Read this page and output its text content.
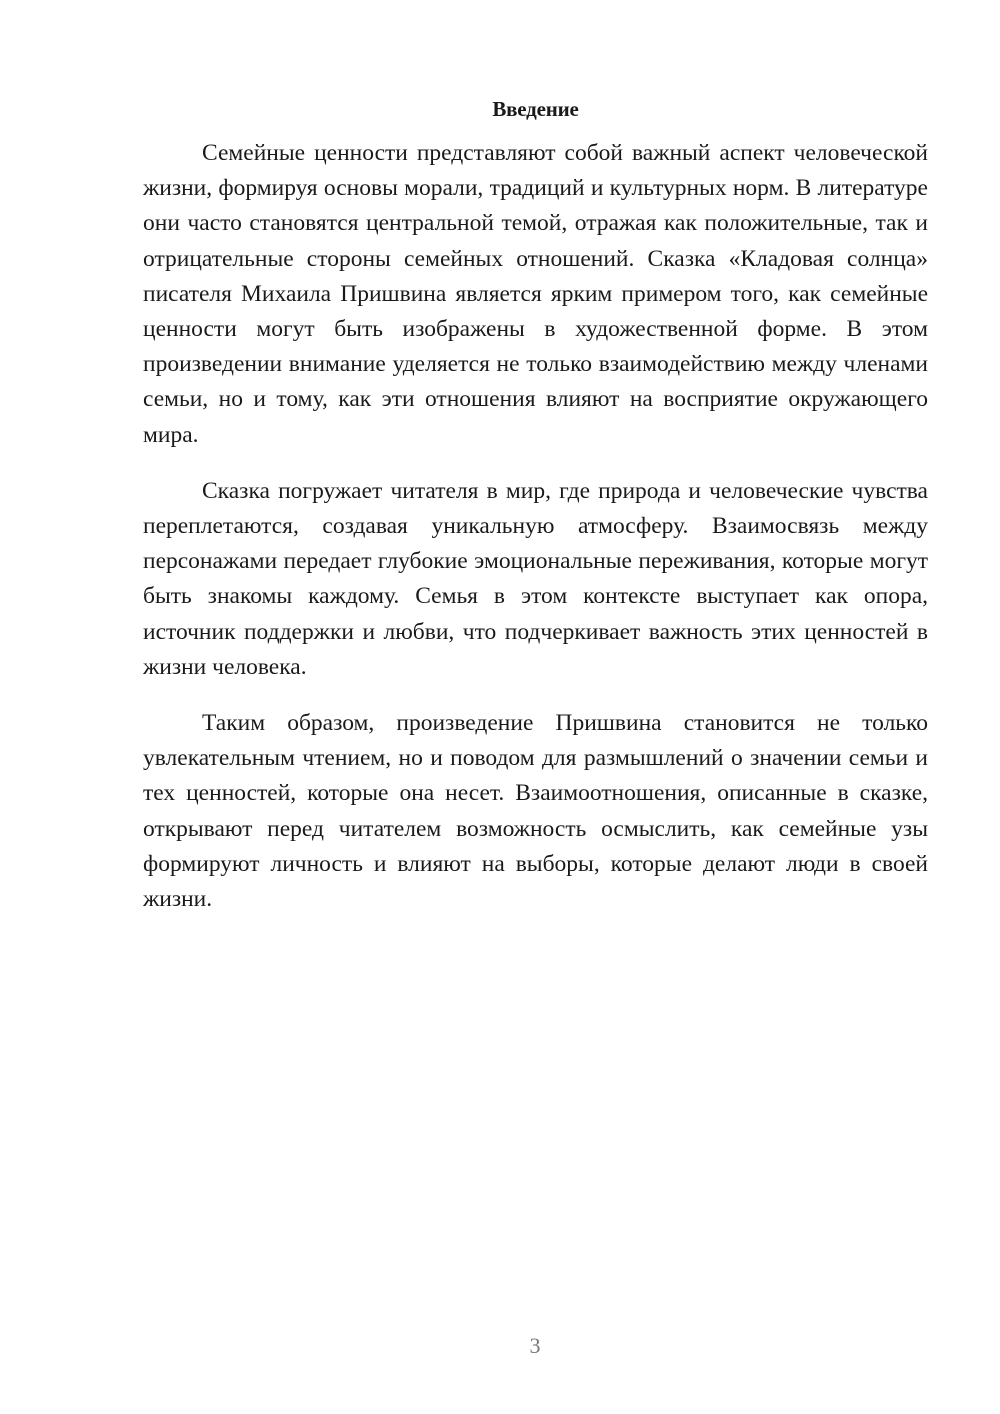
Введение

Семейные ценности представляют собой важный аспект человеческой жизни, формируя основы морали, традиций и культурных норм. В литературе они часто становятся центральной темой, отражая как положительные, так и отрицательные стороны семейных отношений. Сказка «Кладовая солнца» писателя Михаила Пришвина является ярким примером того, как семейные ценности могут быть изображены в художественной форме. В этом произведении внимание уделяется не только взаимодействию между членами семьи, но и тому, как эти отношения влияют на восприятие окружающего мира.

Сказка погружает читателя в мир, где природа и человеческие чувства переплетаются, создавая уникальную атмосферу. Взаимосвязь между персонажами передает глубокие эмоциональные переживания, которые могут быть знакомы каждому. Семья в этом контексте выступает как опора, источник поддержки и любви, что подчеркивает важность этих ценностей в жизни человека.

Таким образом, произведение Пришвина становится не только увлекательным чтением, но и поводом для размышлений о значении семьи и тех ценностей, которые она несет. Взаимоотношения, описанные в сказке, открывают перед читателем возможность осмыслить, как семейные узы формируют личность и влияют на выборы, которые делают люди в своей жизни.

3
